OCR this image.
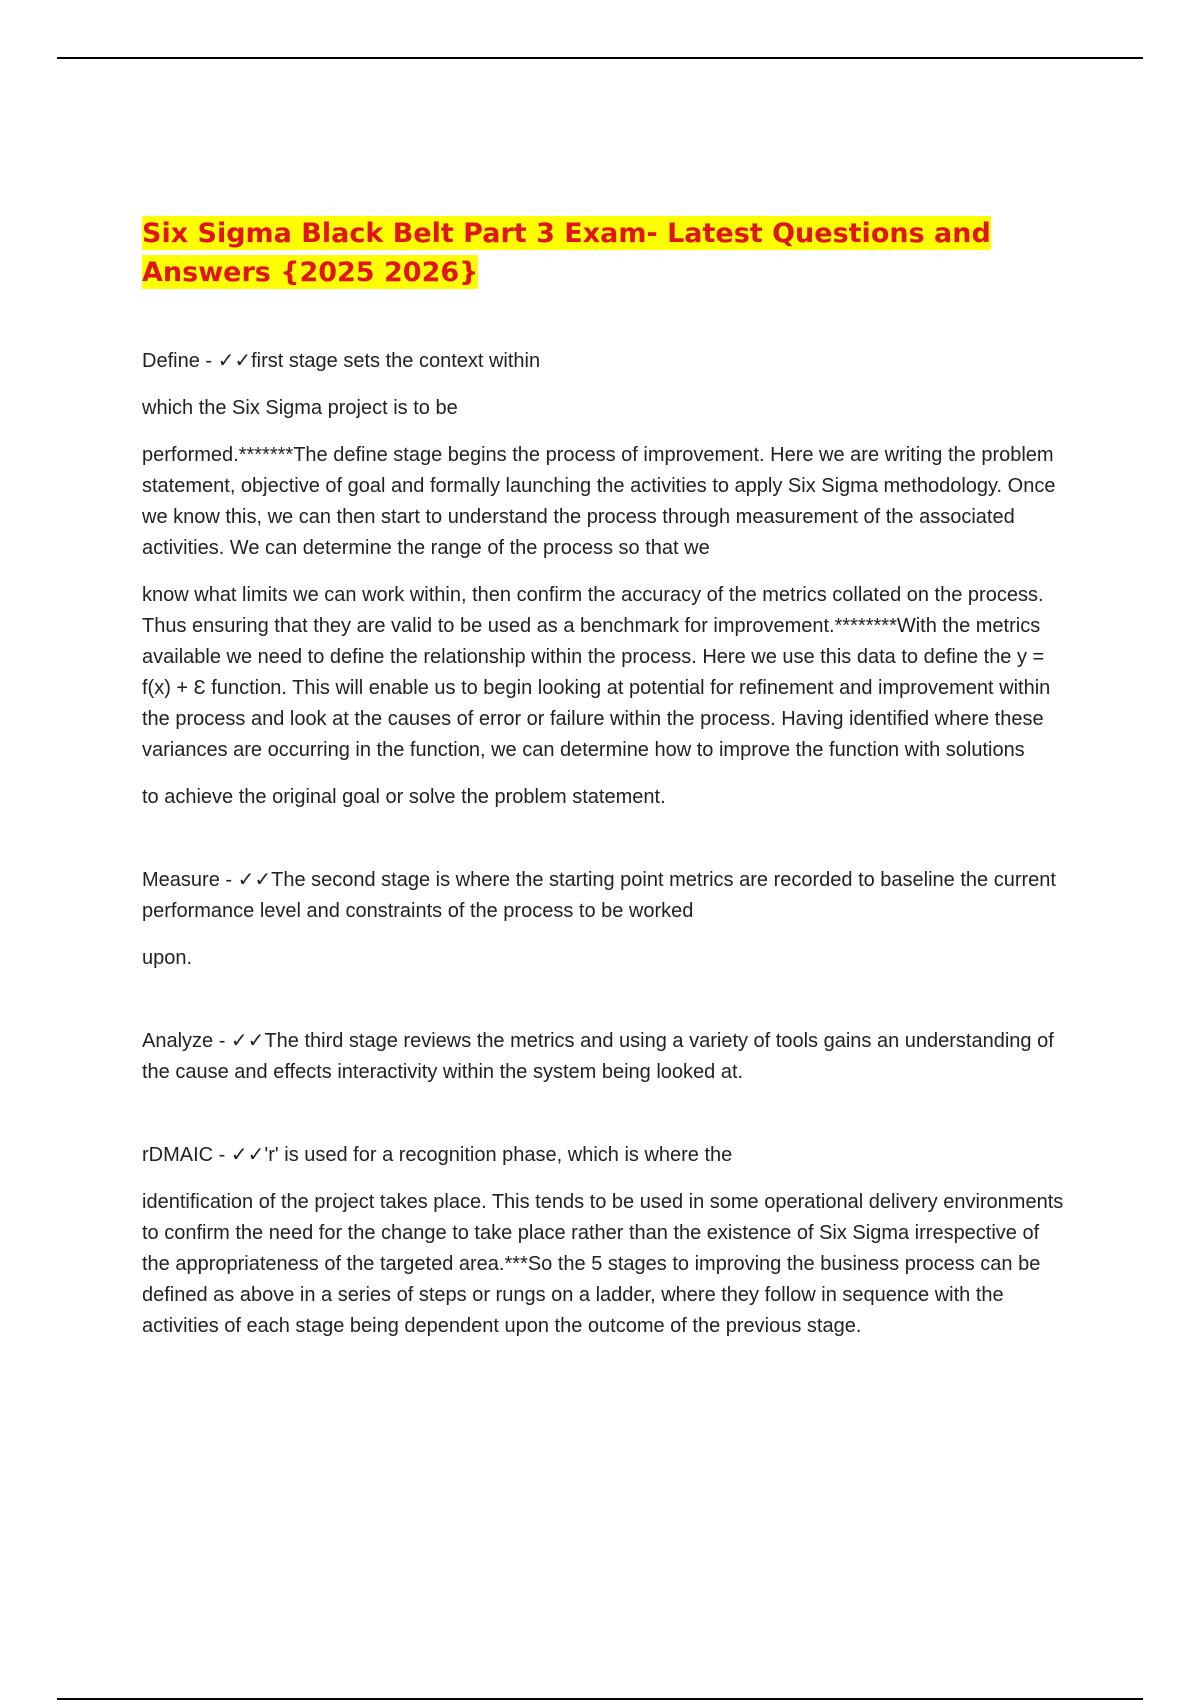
Six Sigma Black Belt Part 3 Exam- Latest Questions and
Answers {2025 2026}

Define - ✓✓first stage sets the context within

which the Six Sigma project is to be

performed.*******The define stage begins the process of improvement. Here we are writing the problem statement, objective of goal and formally launching the activities to apply Six Sigma methodology. Once we know this, we can then start to understand the process through measurement of the associated activities. We can determine the range of the process so that we

know what limits we can work within, then confirm the accuracy of the metrics collated on the process. Thus ensuring that they are valid to be used as a benchmark for improvement.********With the metrics available we need to define the relationship within the process. Here we use this data to define the y = f(x) + Ɛ function. This will enable us to begin looking at potential for refinement and improvement within the process and look at the causes of error or failure within the process. Having identified where these variances are occurring in the function, we can determine how to improve the function with solutions

to achieve the original goal or solve the problem statement.

Measure - ✓✓The second stage is where the starting point metrics are recorded to baseline the current performance level and constraints of the process to be worked

upon.

Analyze - ✓✓The third stage reviews the metrics and using a variety of tools gains an understanding of the cause and effects interactivity within the system being looked at.

rDMAIC - ✓✓'r' is used for a recognition phase, which is where the

identification of the project takes place. This tends to be used in some operational delivery environments to confirm the need for the change to take place rather than the existence of Six Sigma irrespective of the appropriateness of the targeted area.***So the 5 stages to improving the business process can be defined as above in a series of steps or rungs on a ladder, where they follow in sequence with the activities of each stage being dependent upon the outcome of the previous stage.
